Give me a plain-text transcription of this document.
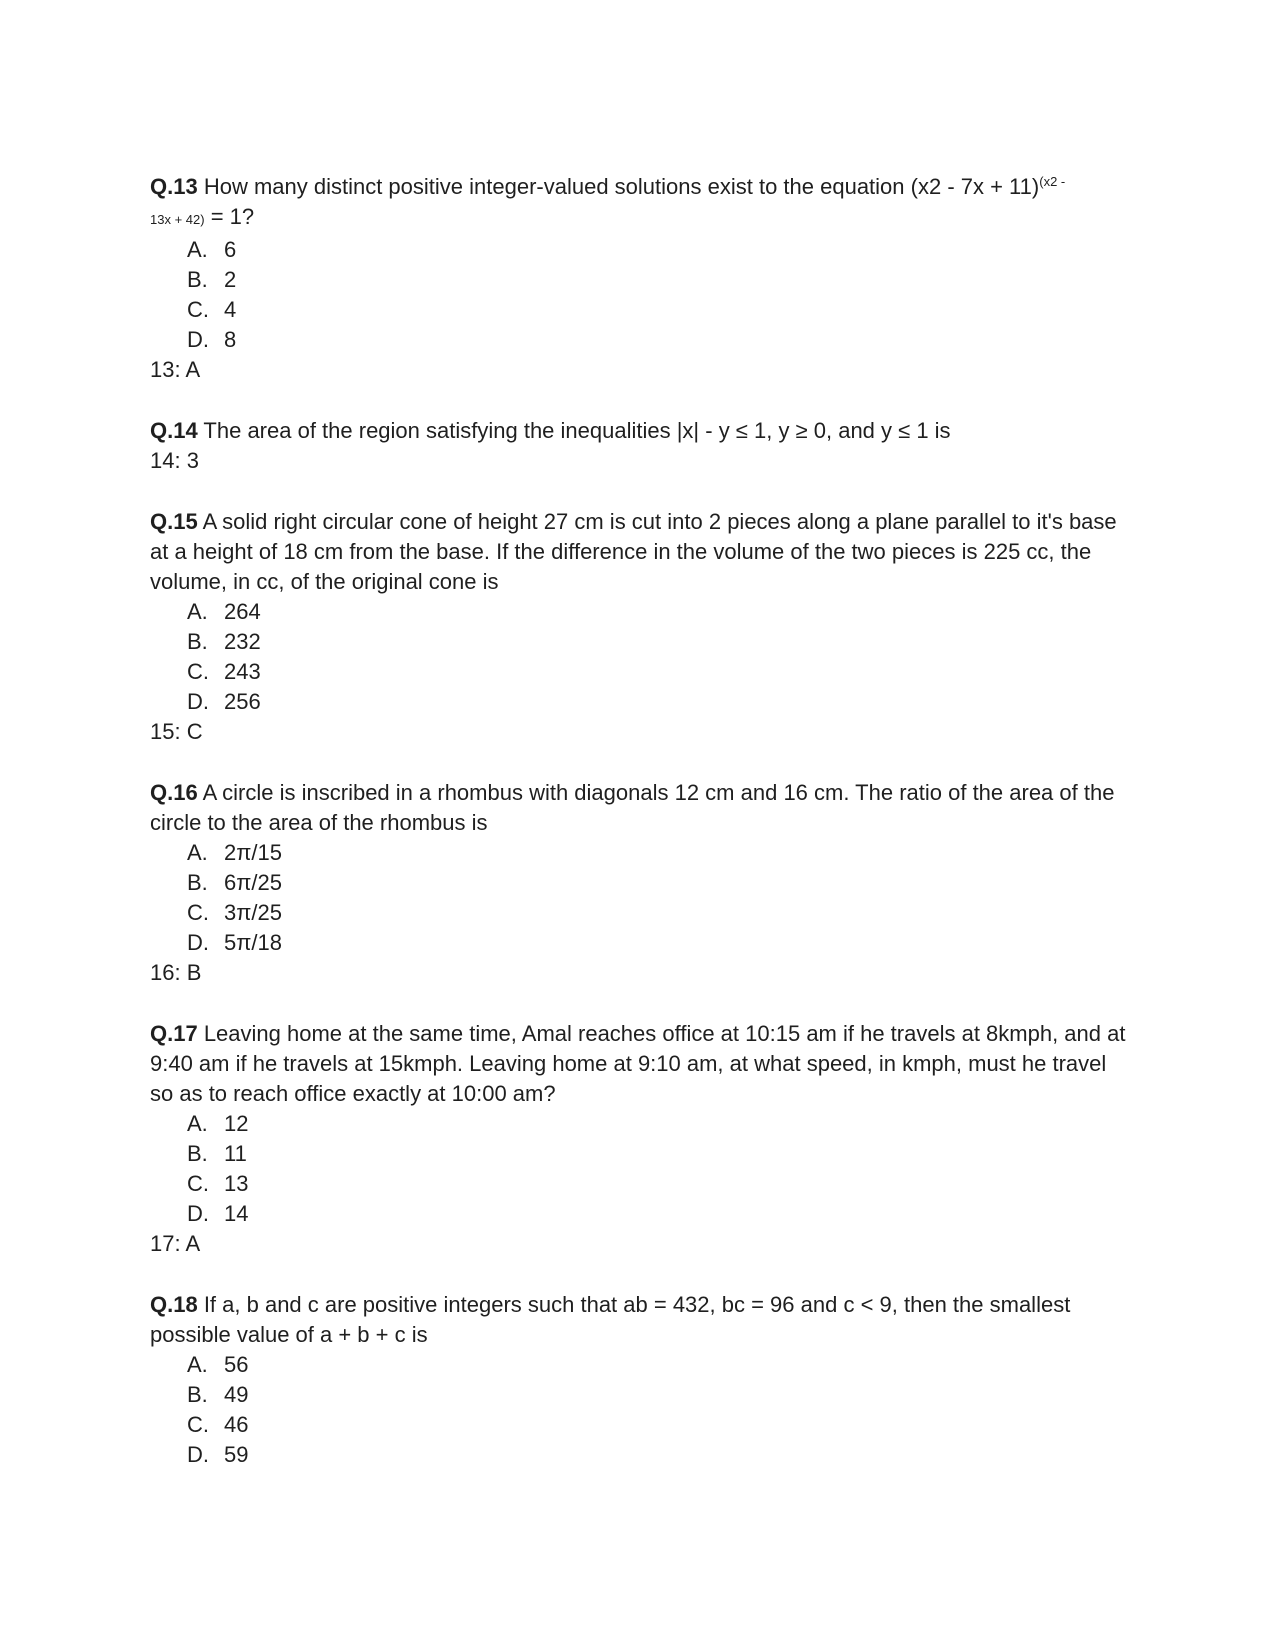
Q.13 How many distinct positive integer-valued solutions exist to the equation $(x2 - 7x + 11)^{(x2 -}$
13x + 42) = 1?

A. 6
B. 2
C. 4
D. 8

13: A

Q.14 The area of the region satisfying the inequalities |x| - y ≤ 1, y ≥ 0, and y ≤ 1 is

14: 3

Q.15 A solid right circular cone of height 27 cm is cut into 2 pieces along a plane parallel to it's base at a height of 18 cm from the base. If the difference in the volume of the two pieces is 225 cc, the volume, in cc, of the original cone is

A. 264
B. 232
C. 243
D. 256

15: C

Q.16 A circle is inscribed in a rhombus with diagonals 12 cm and 16 cm. The ratio of the area of the circle to the area of the rhombus is

A. 2π/15
B. 6π/25
C. 3π/25
D. 5π/18

16: B

Q.17 Leaving home at the same time, Amal reaches office at 10:15 am if he travels at 8kmph, and at 9:40 am if he travels at 15kmph. Leaving home at 9:10 am, at what speed, in kmph, must he travel so as to reach office exactly at 10:00 am?

A. 12
B. 11
C. 13
D. 14

17: A

Q.18 If a, b and c are positive integers such that ab = 432, bc = 96 and c < 9, then the smallest possible value of a + b + c is

A. 56
B. 49
C. 46
D. 59
